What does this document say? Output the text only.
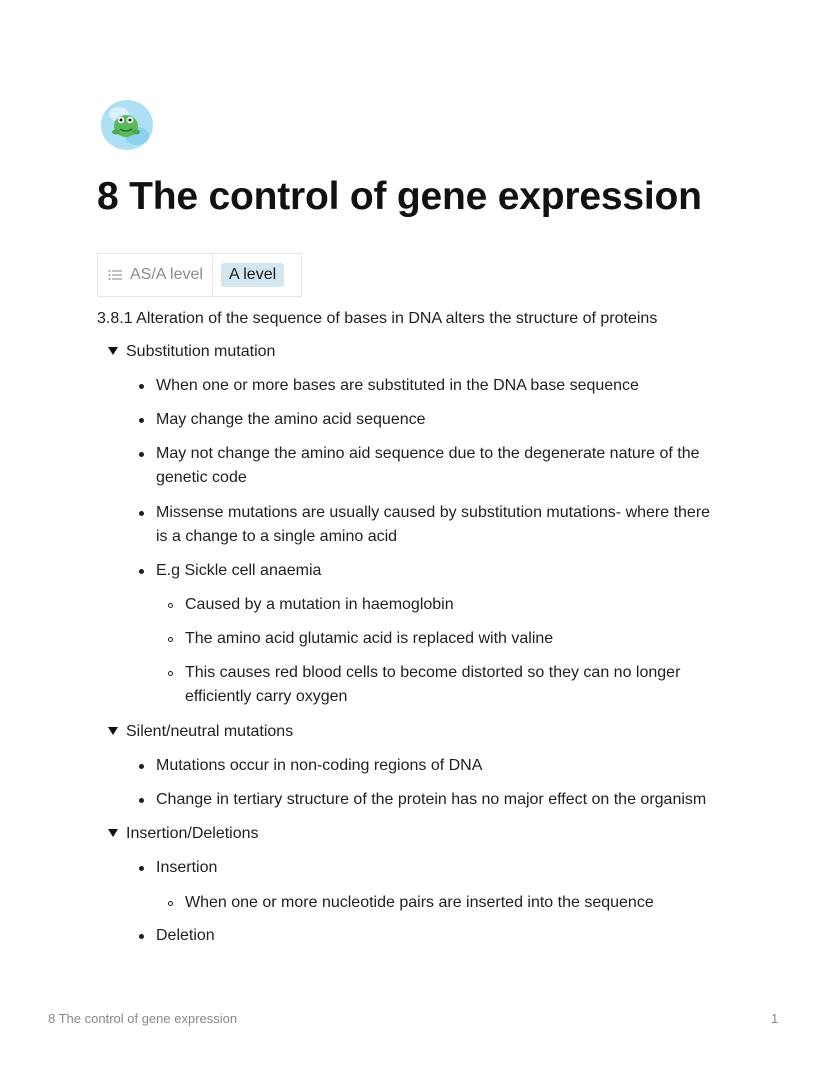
8 The control of gene expression
AS/A level	A level
3.8.1 Alteration of the sequence of bases in DNA alters the structure of proteins
Substitution mutation
When one or more bases are substituted in the DNA base sequence
May change the amino acid sequence
May not change the amino aid sequence due to the degenerate nature of the
genetic code
Missense mutations are usually caused by substitution mutations- where there
is a change to a single amino acid
E.g Sickle cell anaemia
Caused by a mutation in haemoglobin
The amino acid glutamic acid is replaced with valine
This causes red blood cells to become distorted so they can no longer
efficiently carry oxygen
Silent/neutral mutations
Mutations occur in non-coding regions of DNA
Change in tertiary structure of the protein has no major effect on the organism
Insertion/Deletions
Insertion
When one or more nucleotide pairs are inserted into the sequence
Deletion
8 The control of gene expression	1
